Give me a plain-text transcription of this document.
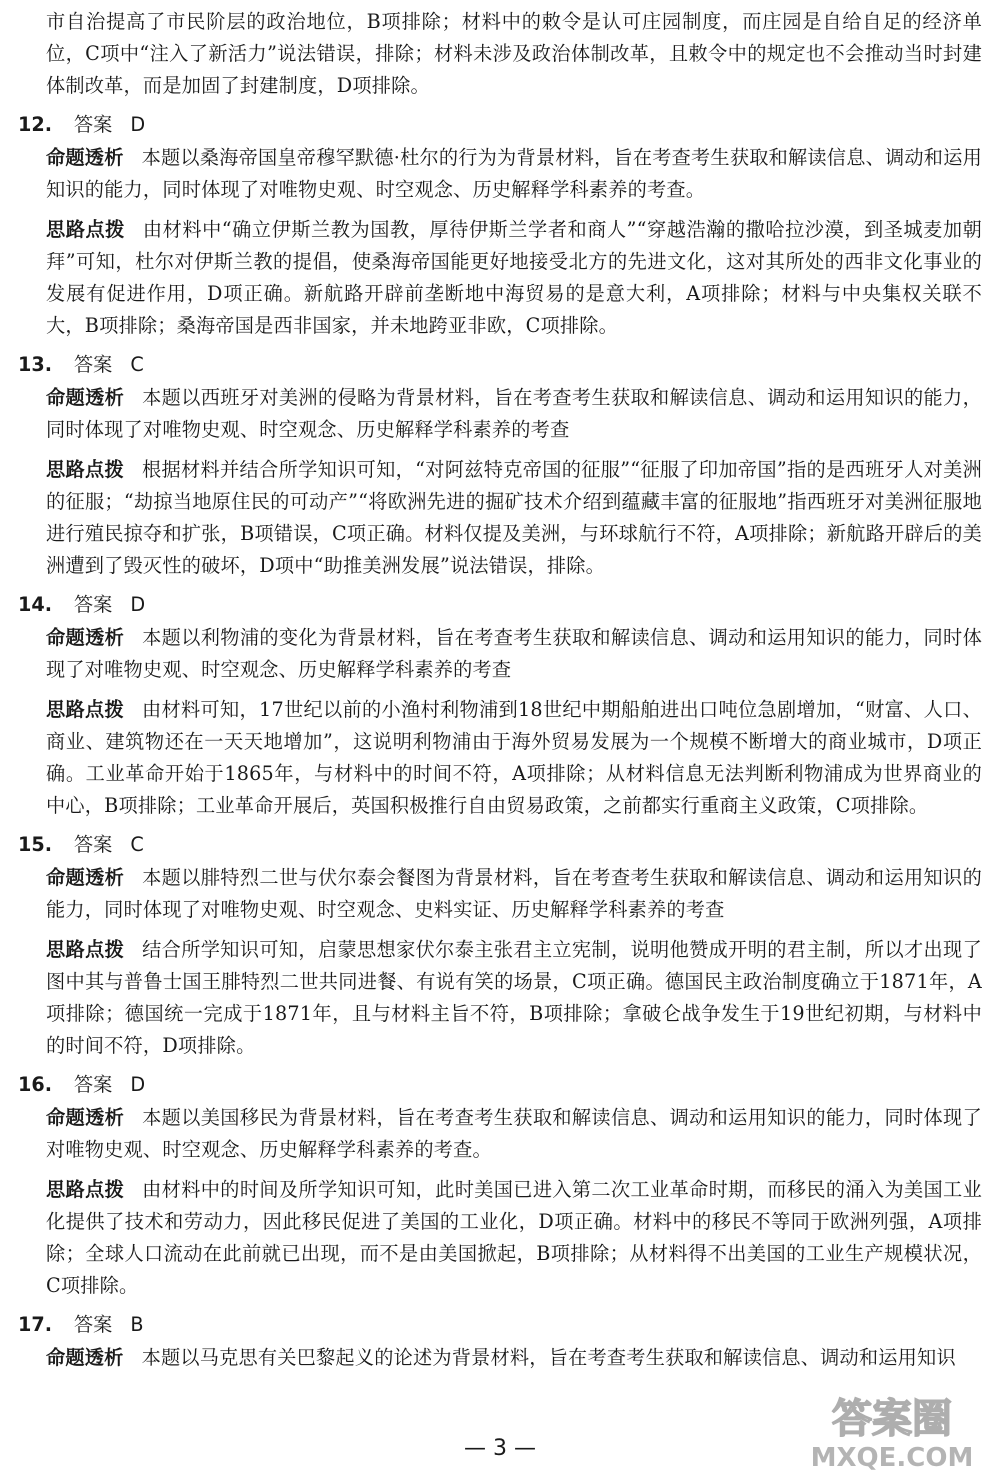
市自治提高了市民阶层的政治地位，B项排除；材料中的敕令是认可庄园制度，而庄园是自给自足的经济单位，C项中“注入了新活力”说法错误，排除；材料未涉及政治体制改革，且敕令中的规定也不会推动当时封建体制改革，而是加固了封建制度，D项排除。

12. 答案 D

命题透析 本题以桑海帝国皇帝穆罕默德·杜尔的行为为背景材料，旨在考查考生获取和解读信息、调动和运用知识的能力，同时体现了对唯物史观、时空观念、历史解释学科素养的考查。

思路点拨 由材料中“确立伊斯兰教为国教，厚待伊斯兰学者和商人”“穿越浩瀚的撒哈拉沙漠，到圣城麦加朝拜”可知，杜尔对伊斯兰教的提倡，使桑海帝国能更好地接受北方的先进文化，这对其所处的西非文化事业的发展有促进作用，D项正确。新航路开辟前垄断地中海贸易的是意大利，A项排除；材料与中央集权关联不大，B项排除；桑海帝国是西非国家，并未地跨亚非欧，C项排除。

13. 答案 C

命题透析 本题以西班牙对美洲的侵略为背景材料，旨在考查考生获取和解读信息、调动和运用知识的能力，同时体现了对唯物史观、时空观念、历史解释学科素养的考查

思路点拨 根据材料并结合所学知识可知，“对阿兹特克帝国的征服”“征服了印加帝国”指的是西班牙人对美洲的征服；“劫掠当地原住民的可动产”“将欧洲先进的掘矿技术介绍到蕴藏丰富的征服地”指西班牙对美洲征服地进行殖民掠夺和扩张，B项错误，C项正确。材料仅提及美洲，与环球航行不符，A项排除；新航路开辟后的美洲遭到了毁灭性的破坏，D项中“助推美洲发展”说法错误，排除。

14. 答案 D

命题透析 本题以利物浦的变化为背景材料，旨在考查考生获取和解读信息、调动和运用知识的能力，同时体现了对唯物史观、时空观念、历史解释学科素养的考查

思路点拨 由材料可知，17世纪以前的小渔村利物浦到18世纪中期船舶进出口吨位急剧增加，“财富、人口、商业、建筑物还在一天天地增加”，这说明利物浦由于海外贸易发展为一个规模不断增大的商业城市，D项正确。工业革命开始于1865年，与材料中的时间不符，A项排除；从材料信息无法判断利物浦成为世界商业的中心，B项排除；工业革命开展后，英国积极推行自由贸易政策，之前都实行重商主义政策，C项排除。

15. 答案 C

命题透析 本题以腓特烈二世与伏尔泰会餐图为背景材料，旨在考查考生获取和解读信息、调动和运用知识的能力，同时体现了对唯物史观、时空观念、史料实证、历史解释学科素养的考查

思路点拨 结合所学知识可知，启蒙思想家伏尔泰主张君主立宪制，说明他赞成开明的君主制，所以才出现了图中其与普鲁士国王腓特烈二世共同进餐、有说有笑的场景，C项正确。德国民主政治制度确立于1871年，A项排除；德国统一完成于1871年，且与材料主旨不符，B项排除；拿破仑战争发生于19世纪初期，与材料中的时间不符，D项排除。

16. 答案 D

命题透析 本题以美国移民为背景材料，旨在考查考生获取和解读信息、调动和运用知识的能力，同时体现了对唯物史观、时空观念、历史解释学科素养的考查。

思路点拨 由材料中的时间及所学知识可知，此时美国已进入第二次工业革命时期，而移民的涌入为美国工业化提供了技术和劳动力，因此移民促进了美国的工业化，D项正确。材料中的移民不等同于欧洲列强，A项排除；全球人口流动在此前就已出现，而不是由美国掀起，B项排除；从材料得不出美国的工业生产规模状况，C项排除。

17. 答案 B

命题透析 本题以马克思有关巴黎起义的论述为背景材料，旨在考查考生获取和解读信息、调动和运用知识

— 3 —
答案圈
MXQE.COM
